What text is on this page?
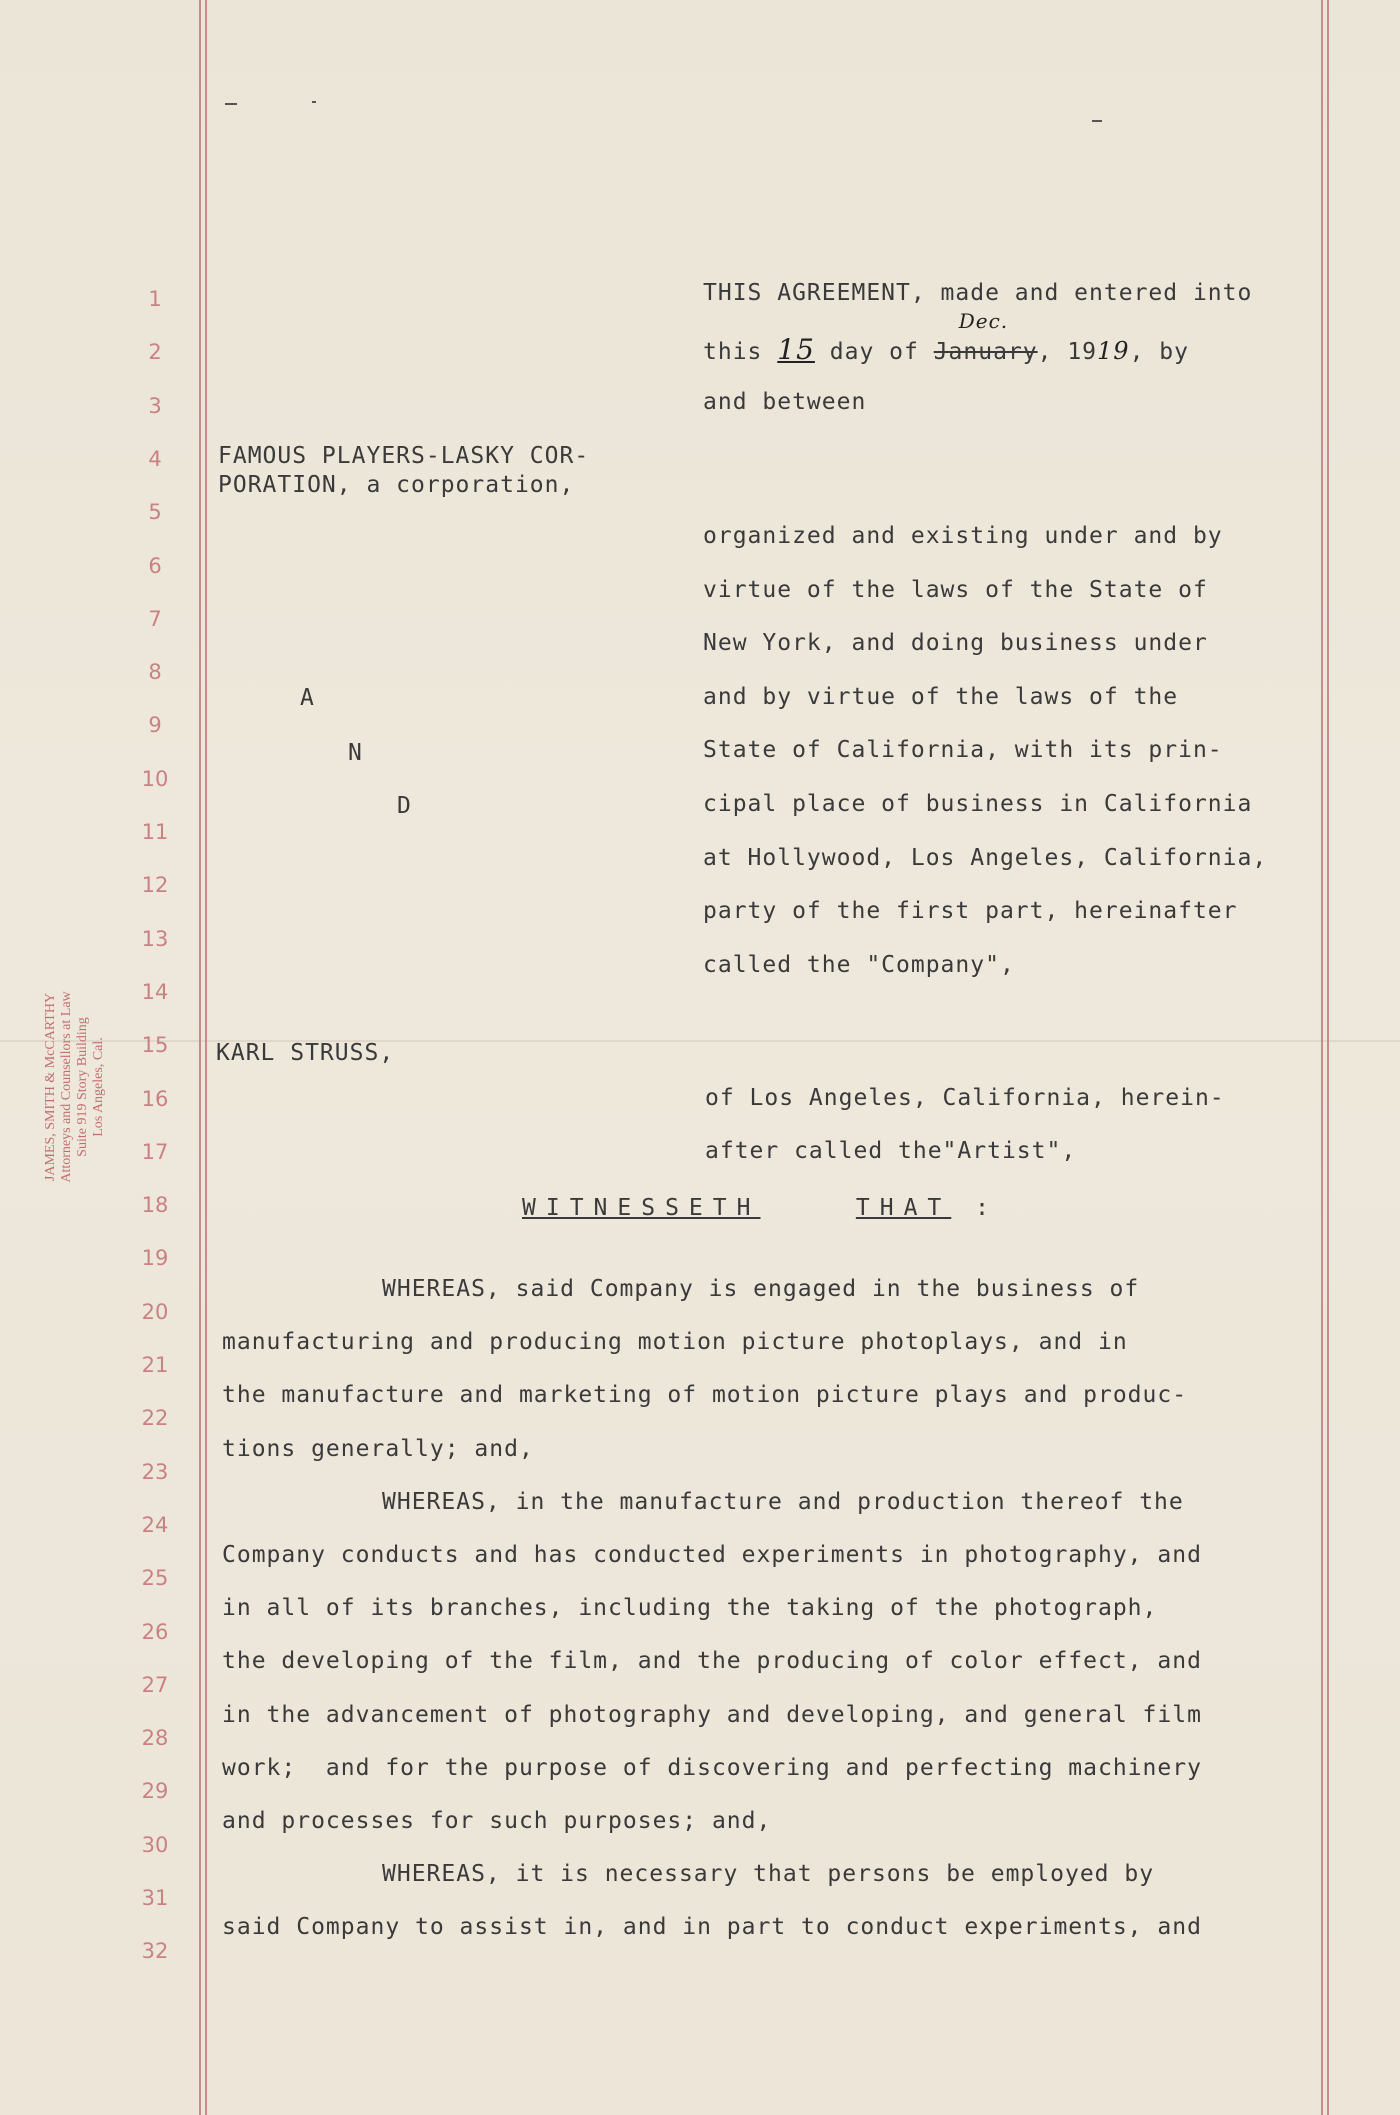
JAMES, SMITH & McCARTHY Attorneys and Counsellors at Law Suite 919 Story Building Los Angeles, Cal.
1
2
3
4
5
6
7
8
9
10
11
12
13
14
15
16
17
18
19
20
21
22
23
24
25
26
27
28
29
30
31
32
THIS AGREEMENT, made and entered into
this 15 day of
Dec.
January, 1919, by
and between
FAMOUS PLAYERS-LASKY COR-
PORATION, a corporation,
organized and existing under and by
virtue of the laws of the State of
New York, and doing business under
and by virtue of the laws of the
State of California, with its prin-
cipal place of business in California
at Hollywood, Los Angeles, California,
party of the first part, hereinafter
called the "Company",
A
N
D
KARL STRUSS,
of Los Angeles, California, herein-
after called the"Artist",
WITNESSETH	THAT :
WHEREAS, said Company is engaged in the business of
manufacturing and producing motion picture photoplays, and in
the manufacture and marketing of motion picture plays and produc-
tions generally; and,
WHEREAS, in the manufacture and production thereof the
Company conducts and has conducted experiments in photography, and
in all of its branches, including the taking of the photograph,
the developing of the film, and the producing of color effect, and
in the advancement of photography and developing, and general film
work;  and for the purpose of discovering and perfecting machinery
and processes for such purposes; and,
WHEREAS, it is necessary that persons be employed by
said Company to assist in, and in part to conduct experiments, and
